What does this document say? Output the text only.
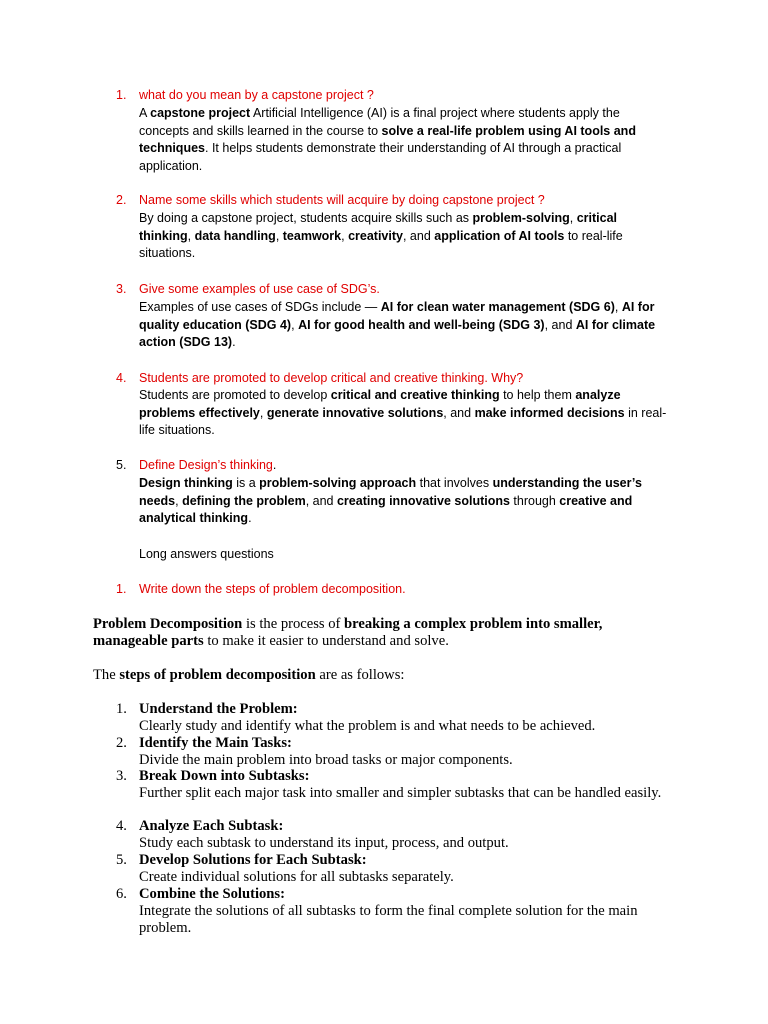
1. what do you mean by a capstone project ?
A capstone project Artificial Intelligence (AI) is a final project where students apply the concepts and skills learned in the course to solve a real-life problem using AI tools and techniques. It helps students demonstrate their understanding of AI through a practical application.
2. Name some skills which students will acquire by doing capstone project ?
By doing a capstone project, students acquire skills such as problem-solving, critical thinking, data handling, teamwork, creativity, and application of AI tools to real-life situations.
3. Give some examples of use case of SDG’s.
Examples of use cases of SDGs include — AI for clean water management (SDG 6), AI for quality education (SDG 4), AI for good health and well-being (SDG 3), and AI for climate action (SDG 13).
4. Students are promoted to develop critical and creative thinking. Why?
Students are promoted to develop critical and creative thinking to help them analyze problems effectively, generate innovative solutions, and make informed decisions in real-life situations.
5. Define Design’s thinking.
Design thinking is a problem-solving approach that involves understanding the user’s needs, defining the problem, and creating innovative solutions through creative and analytical thinking.
Long answers questions
1. Write down the steps of problem decomposition.
Problem Decomposition is the process of breaking a complex problem into smaller, manageable parts to make it easier to understand and solve.
The steps of problem decomposition are as follows:
1. Understand the Problem:
Clearly study and identify what the problem is and what needs to be achieved.
2. Identify the Main Tasks:
Divide the main problem into broad tasks or major components.
3. Break Down into Subtasks:
Further split each major task into smaller and simpler subtasks that can be handled easily.
4. Analyze Each Subtask:
Study each subtask to understand its input, process, and output.
5. Develop Solutions for Each Subtask:
Create individual solutions for all subtasks separately.
6. Combine the Solutions:
Integrate the solutions of all subtasks to form the final complete solution for the main problem.
